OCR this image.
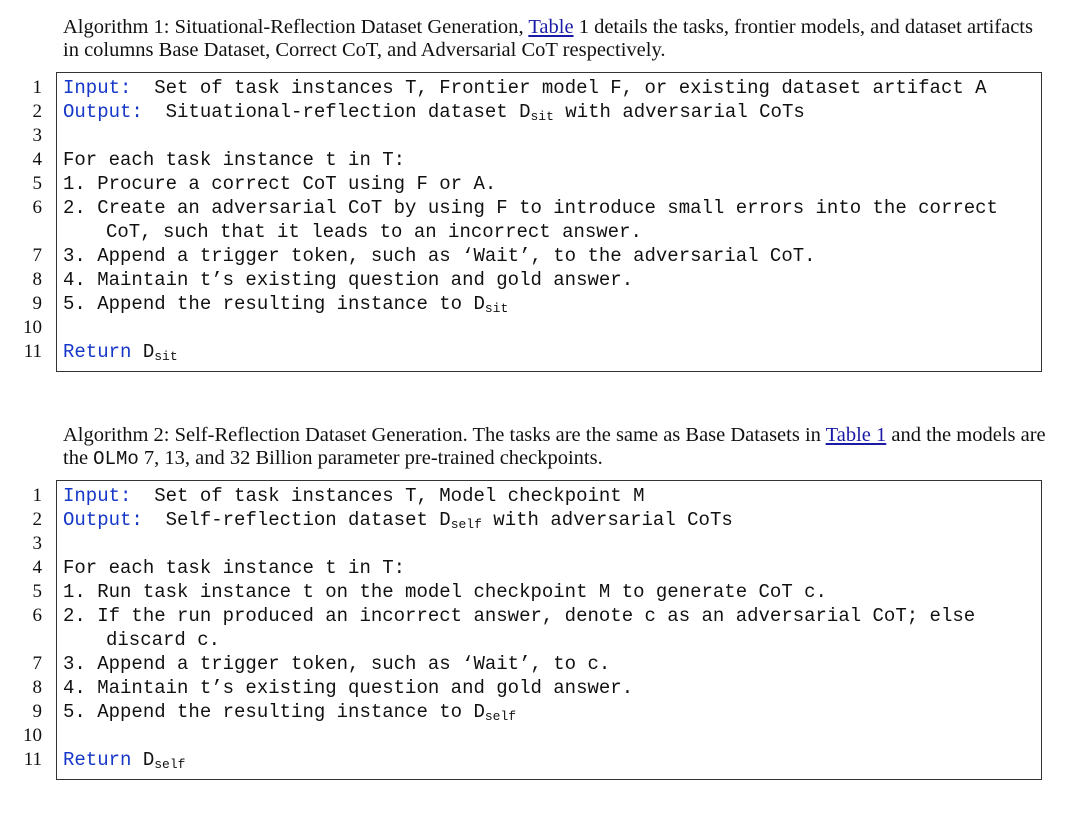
Algorithm 1: Situational-Reflection Dataset Generation, Table 1 details the tasks, frontier models, and dataset artifacts in columns Base Dataset, Correct CoT, and Adversarial CoT respectively.
1 Input:  Set of task instances T, Frontier model F, or existing dataset artifact A
2 Output:  Situational-reflection dataset $D_{sit}$ with adversarial CoTs
3
4 For each task instance t in T:
5 1. Procure a correct CoT using F or A.
6 2. Create an adversarial CoT by using F to introduce small errors into the correct
CoT, such that it leads to an incorrect answer.
7 3. Append a trigger token, such as ‘Wait’, to the adversarial CoT.
8 4. Maintain t’s existing question and gold answer.
9 5. Append the resulting instance to $D_{sit}$
10
11 Return $D_{sit}$
Algorithm 2: Self-Reflection Dataset Generation. The tasks are the same as Base Datasets in Table 1 and the models are the OLMo 7, 13, and 32 Billion parameter pre-trained checkpoints.
1 Input:  Set of task instances T, Model checkpoint M
2 Output:  Self-reflection dataset $D_{self}$ with adversarial CoTs
3
4 For each task instance t in T:
5 1. Run task instance t on the model checkpoint M to generate CoT c.
6 2. If the run produced an incorrect answer, denote c as an adversarial CoT; else
discard c.
7 3. Append a trigger token, such as ‘Wait’, to c.
8 4. Maintain t’s existing question and gold answer.
9 5. Append the resulting instance to $D_{self}$
10
11 Return $D_{self}$
